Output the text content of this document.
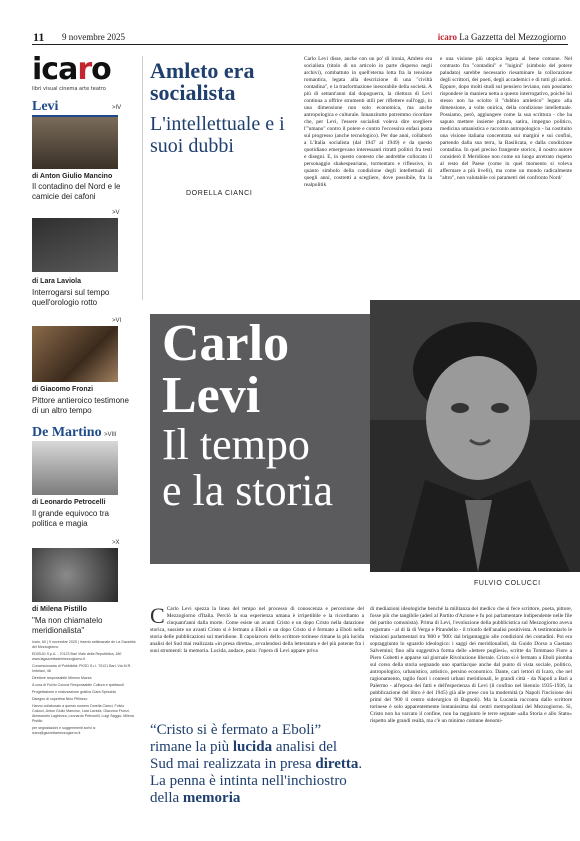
11 9 novembre 2025	icaro La Gazzetta del Mezzogiorno
icaro
libri visual cinema arte teatro
Levi	>IV
di Anton Giulio Mancino
Il contadino del Nord e le camicie dei cafoni
>V
di Lara Laviola
Interrogarsi sul tempo quell'orologio rotto
>VI
di Giacomo Fronzi
Pittore antieroico testimone di un altro tempo
De Martino >VIII
di Leonardo Petrocelli
Il grande equivoco tra politica e magia
>X
di Milena Pistillo
"Ma non chiamatelo meridionalista"

Icaro, 60 | 9 novembre 2025 | Inserto settimanale de La Gazzetta del Mezzogiorno

EDISUD S.p.A. - 70123 Bari Viale della Repubblica, 180 www.lagazzettadelmezzogiorno.it

Concessionaria di Pubblicità: PKSD S.r.l. 70121 Bari, Via M.R. Imbriani, 48

Direttore responsabile Mimmo Mazza

A cura di Fulvio Colucci Responsabile Cultura e spettacoli

Progettazione e realizzazione grafica Clara Speschiu

Disegno di copertina Nino Pillirizzo

Hanno collaborato a questo numero Dorella Cianci, Fulvio Colucci, Anton Giulio Mancino, Lara Laviola, Giacomo Fronzi, Alessandro Laghezza, Leonardo Petrocelli, Luigi Saggio, Milena Pistillo

per segnalazioni e suggerimenti scrivi a: icaro@gazzettamezzogiorno.it

Amleto era socialista
L'intellettuale e i suoi dubbi
DORELLA CIANCI
Carlo Levi disse, anche con un po' di ironia, Amleto era socialista (titolo di un articolo in parte disperso negli archivi), combattuto in quell'eterna lotta fra la tensione romantica, legata alla descrizione di una "civiltà contadina", e la trasformazione inesorabile della società. A più di settant'anni dal dopoguerra, la rilettura di Levi continua a offrire strumenti utili per riflettere sull'oggi, in una dimensione non solo economica, ma anche antropologica e culturale. Innanzitutto potremmo ricordare che, per Levi, l'essere socialisti voleva dire scegliere l'"umano" contro il potere e contro l'eccessiva enfasi posta sul progresso (anche tecnologico). Per due anni, collaborò a L'Italia socialista (dal 1947 al 1949) e da questo quotidiano emergevano interessanti ritratti politici fra testi e disegni. E, in questo contesto che andrebbe collocato il personaggio shakespeariano, tormentato e riflessivo, in quanto simbolo della condizione degli intellettuali di quegli anni, costretti a scegliere, dove possibile, fra la realpolitik
e una visione più utopica legata al bene comune. Nel contrasto fra "contadini" e "luigini" (simbolo del potere paludato) sarebbe necessario riesaminare la collocazione degli scrittori, dei poeti, degli accademici e di tutti gli artisti. Eppure, dopo molti studi sul pensiero leviano, non possiamo rispondere in maniera netta a questo interrogativo, poiché lui stesso non ha sciolto il "dubbio amletico" legato alla dimensione, a volte onirica, della condizione intellettuale. Possiamo, però, aggiungere come la sua scrittura - che ha saputo mettere insieme pittura, satira, impegno politico, medicina umanistica e racconto antropologico - ha costituito una visione italiana concentrata sui margini e sui confini, partendo dalla sua terra, la Basilicata, e dalla condizione contadina. In quel preciso frangente storico, il nostro autore considerò il Meridione non come un luogo arretrato rispetto al resto del Paese (come in quel momento si voleva affermare a più livelli), ma come un mondo radicalmente "altro", non valutabile coi parametri del confronto Nord/
Carlo
Levi
Il tempo
e la storia
FULVIO COLUCCI
C Carlo Levi spezza la linea del tempo nel processo di conoscenza e percezione del Mezzogiorno d'Italia. Perciò la sua esperienza umana è irripetibile e la ricordiamo a cinquant'anni dalla morte. Come esiste un avanti Cristo e un dopo Cristo nella datazione storica, sussiste un avanti Cristo si è fermato a Eboli e un dopo Cristo si è fermato a Eboli nella storia delle pubblicazioni sul meridione. Il capolavoro dello scrittore torinese rimane la più lucida analisi del Sud mai realizzata «in presa diretta», avvalendosi della letteratura e del più potente fra i suoi strumenti: la memoria. Lucida, audace, pura: l'opera di Levi appare priva
di mediazioni ideologiche benché la militanza del medico che si fece scrittore, poeta, pittore, fosse più che tangibile (aderì al Partito d'Azione e fu poi parlamentare indipendente nelle file del partito comunista). Prima di Levi, l'evoluzione della pubblicistica sul Mezzogiorno aveva registrato - al di là di Verga e Pirandello - il trionfo dell'analisi positivista. A testimoniarlo le relazioni parlamentari tra '800 e '900: dal brigantaggio alle condizioni dei contadini. Poi era sopraggiunto lo sguardo ideologico: i saggi dei meridionalisti, da Guido Dorso a Gaetano Salvemini; fino alla suggestiva forma delle «lettere pugliesi», scritte da Tommaso Fiore a Piero Gobetti e apparse sul giornale Rivoluzione liberale. Cristo si è fermato a Eboli piomba sul corso della storia segnando uno spartiacque anche dal punto di vista sociale, politico, antropologico, urbanistico, artistico, persino economico. Dante, cari lettori di Icaro, che nel ragionamento, taglio fuori i contesti urbani meridionali, le grandi città - da Napoli a Bari a Palermo - all'epoca dei fatti e dell'esperienza di Levi (il confino nel biennio 1935-1936, la pubblicazione del libro è del 1945) già alle prese con la modernità (a Napoli l'incisione dei primi del '900 il centro siderurgico di Bagnoli). Ma la Lucania racconta dallo scrittore torinese è solo apparentemente lontanissima dai centri metropolitani del Mezzogiorno. Si, Cristo non ha varcato il confine, non ha raggiunto le terre segnate «alla Storia e allo Stato» rispetto alle grandi realtà, ma c'è un minimo comune denomi-
“Cristo si è fermato a Eboli” rimane la più lucida analisi del Sud mai realizzata in presa diretta. La penna è intinta nell'inchiostro della memoria
